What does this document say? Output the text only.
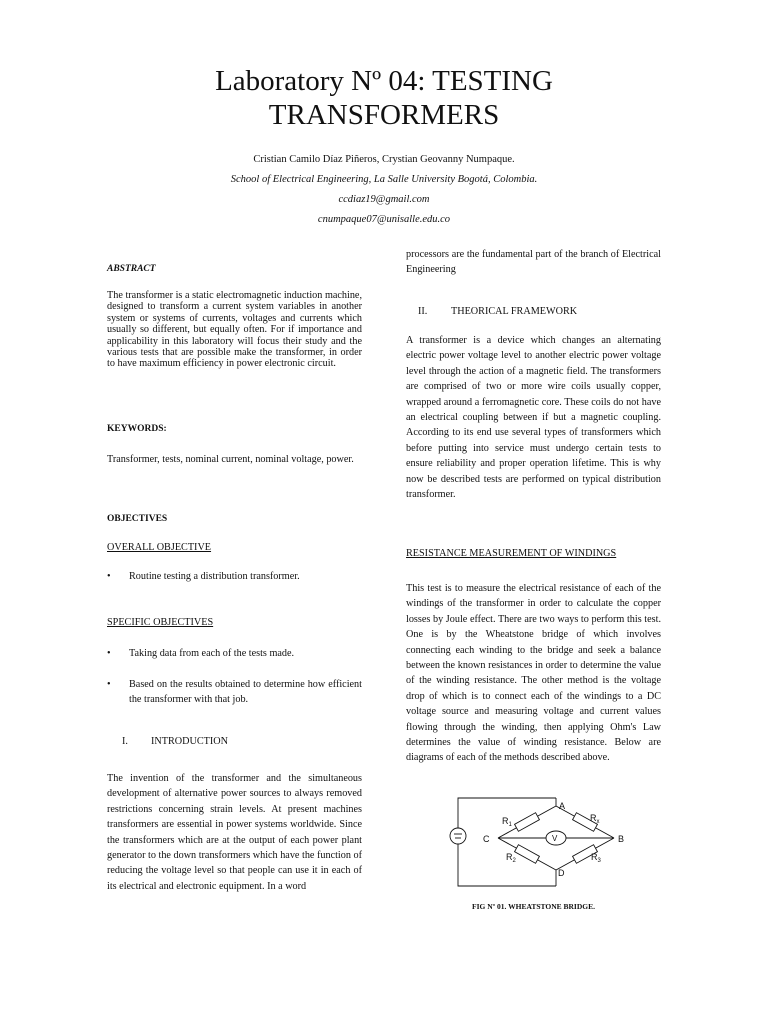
Laboratory Nº 04: TESTING
TRANSFORMERS
Cristian Camilo Díaz Piñeros, Crystian Geovanny Numpaque.
School of Electrical Engineering, La Salle University Bogotá, Colombia.
ccdiaz19@gmail.com
cnumpaque07@unisalle.edu.co
ABSTRACT
The transformer is a static electromagnetic induction machine, designed to transform a current system variables in another system or systems of currents, voltages and currents which usually so different, but equally often. For if importance and applicability in this laboratory will focus their study and the various tests that are possible make the transformer, in order to have maximum efficiency in power electronic circuit.
KEYWORDS:
Transformer, tests, nominal current, nominal voltage, power.
OBJECTIVES
OVERALL OBJECTIVE
• Routine testing a distribution transformer.
SPECIFIC OBJECTIVES
• Taking data from each of the tests made.
• Based on the results obtained to determine how efficient the transformer with that job.
I. INTRODUCTION
The invention of the transformer and the simultaneous development of alternative power sources to always removed restrictions concerning strain levels. At present machines transformers are essential in power systems worldwide. Since the transformers which are at the output of each power plant generator to the down transformers which have the function of reducing the voltage level so that people can use it in each of its electrical and electronic equipment. In a word
processors are the fundamental part of the branch of Electrical Engineering
II. THEORICAL FRAMEWORK
A transformer is a device which changes an alternating electric power voltage level to another electric power voltage level through the action of a magnetic field. The transformers are comprised of two or more wire coils usually copper, wrapped around a ferromagnetic core. These coils do not have an electrical coupling between if but a magnetic coupling. According to its end use several types of transformers which before putting into service must undergo certain tests to ensure reliability and proper operation lifetime. This is why now be described tests are performed on typical distribution transformer.
RESISTANCE MEASUREMENT OF WINDINGS
This test is to measure the electrical resistance of each of the windings of the transformer in order to calculate the copper losses by Joule effect. There are two ways to perform this test. One is by the Wheatstone bridge of which involves connecting each winding to the bridge and seek a balance between the known resistances in order to determine the value of the winding resistance. The other method is the voltage drop of which is to connect each of the windings to a DC voltage source and measuring voltage and current values flowing through the winding, then applying Ohm's Law determines the value of winding resistance. Below are diagrams of each of the methods described above.
A
B
C
D
V
$R_1$
$R_x$
$R_2$	$R_3$
FIG Nº 01. WHEATSTONE BRIDGE.
